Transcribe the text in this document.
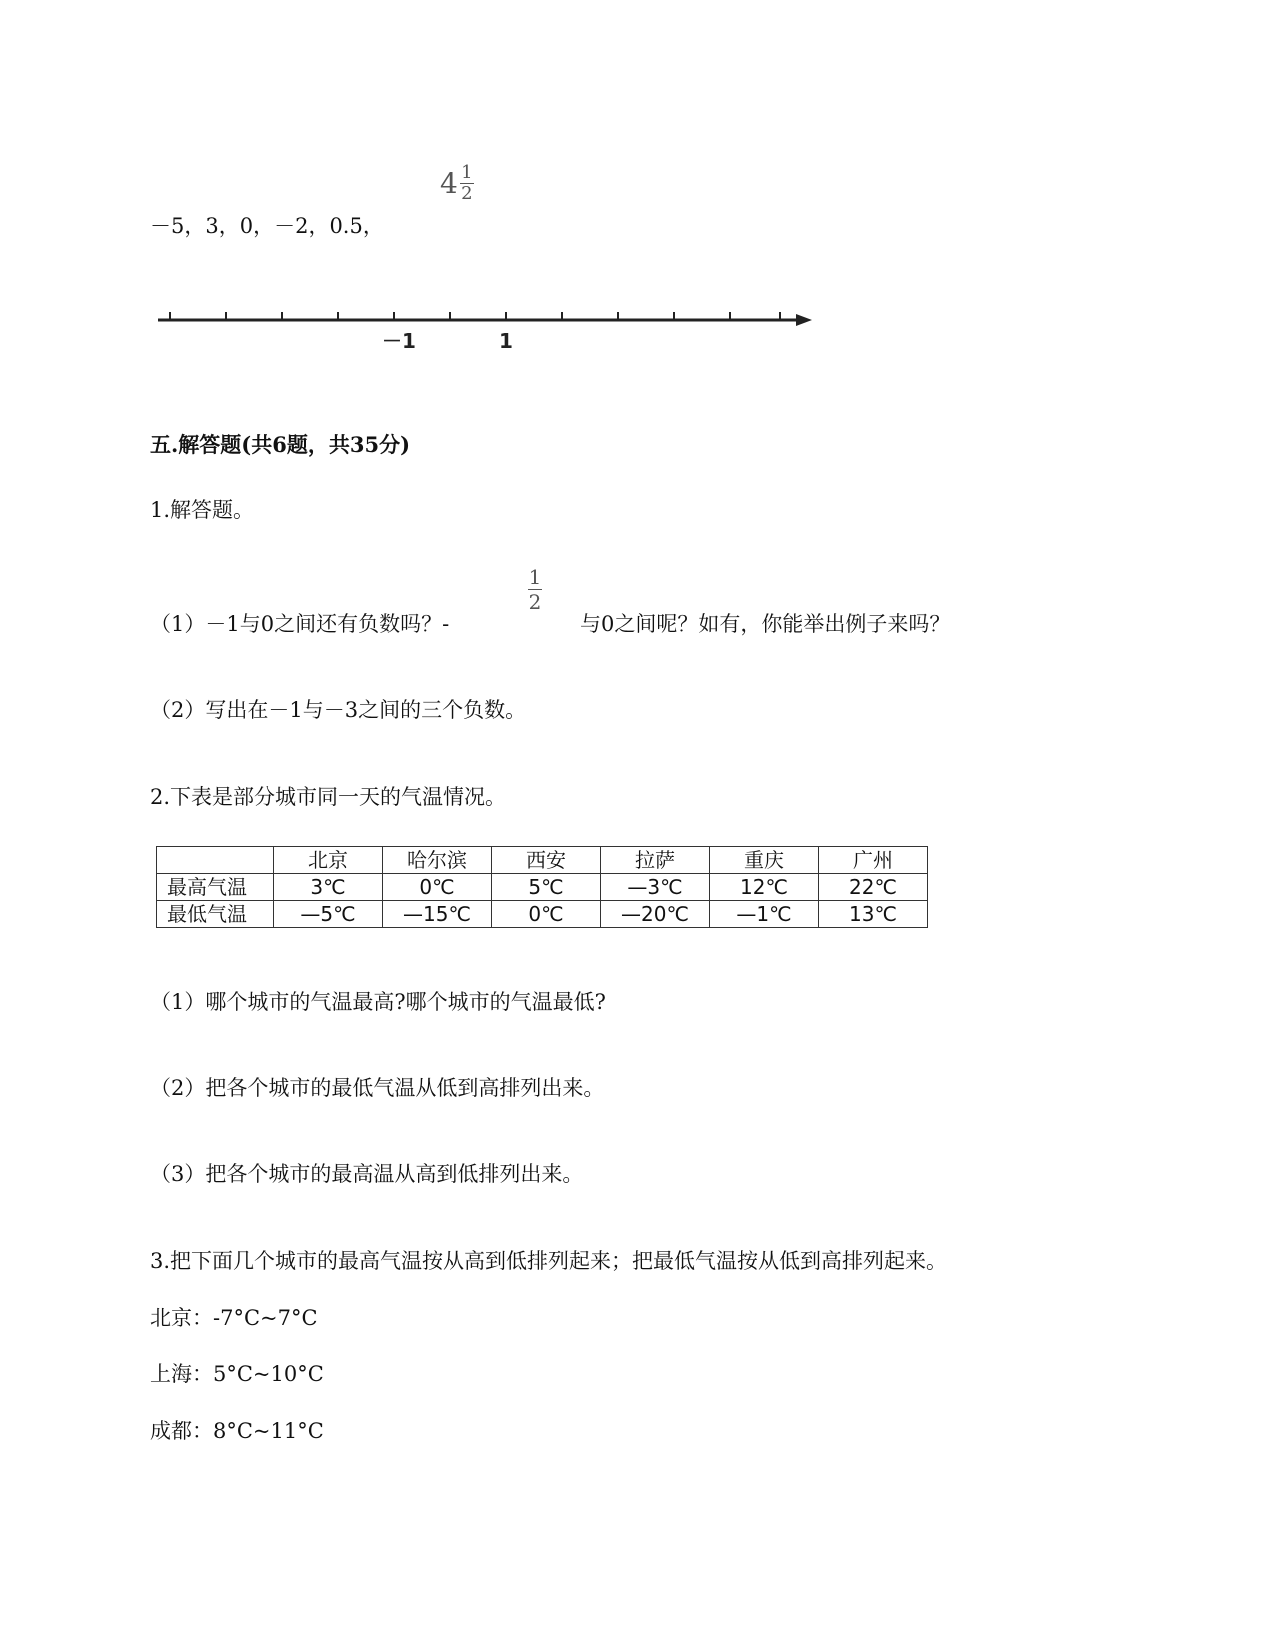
－5，3，0，－2，0.5，
$4 \frac{1}{2}$
－1	1
五.解答题(共6题，共35分)
1.解答题。
（1）－1与0之间还有负数吗？-
1
2
与0之间呢？如有，你能举出例子来吗？
（2）写出在－1与－3之间的三个负数。
2.下表是部分城市同一天的气温情况。
	北京	哈尔滨	西安	拉萨	重庆	广州
最高气温	3℃	0℃	5℃	—3℃	12℃	22℃
最低气温	—5℃	—15℃	0℃	—20℃	—1℃	13℃
（1）哪个城市的气温最高?哪个城市的气温最低?
（2）把各个城市的最低气温从低到高排列出来。
（3）把各个城市的最高温从高到低排列出来。
3.把下面几个城市的最高气温按从高到低排列起来；把最低气温按从低到高排列起来。
北京：-7°C~7°C
上海：5°C~10°C
成都：8°C~11°C
